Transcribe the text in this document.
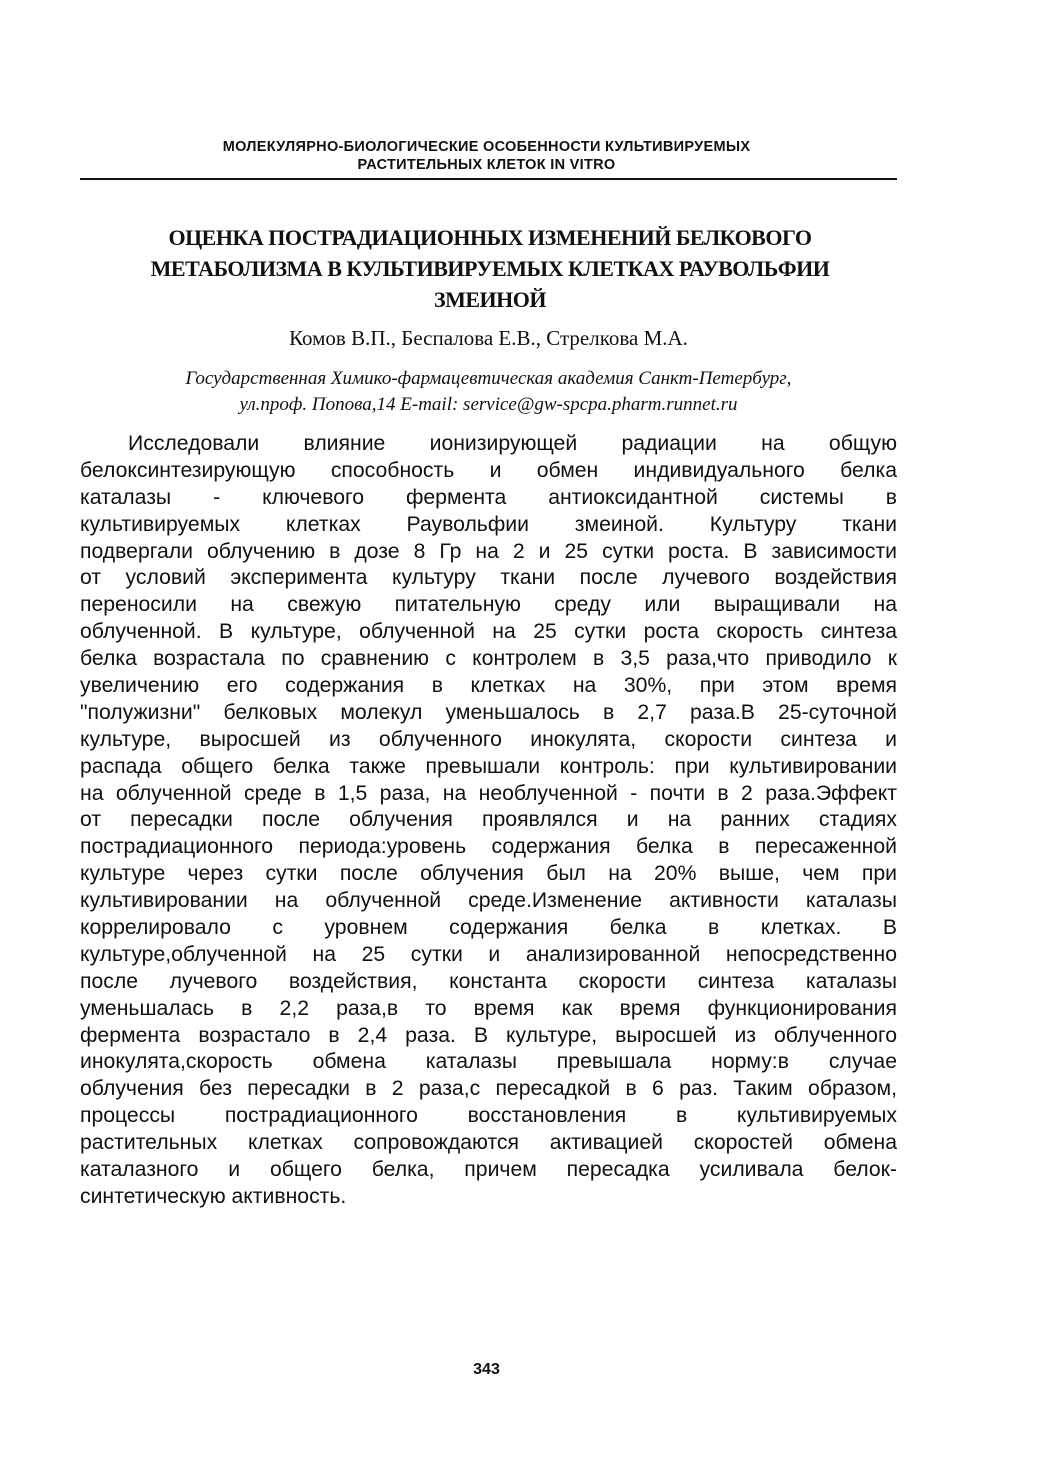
МОЛЕКУЛЯРНО-БИОЛОГИЧЕСКИЕ ОСОБЕННОСТИ КУЛЬТИВИРУЕМЫХ
РАСТИТЕЛЬНЫХ КЛЕТОК IN VITRO
ОЦЕНКА ПОСТРАДИАЦИОННЫХ ИЗМЕНЕНИЙ БЕЛКОВОГО
МЕТАБОЛИЗМА В КУЛЬТИВИРУЕМЫХ КЛЕТКАХ РАУВОЛЬФИИ
ЗМЕИНОЙ
Комов В.П., Беспалова Е.В., Стрелкова М.А.
Государственная Химико-фармацевтическая академия Санкт-Петербург,
ул.проф. Попова,14 E-mail: service@gw-spcpa.pharm.runnet.ru
Исследовали влияние ионизирующей радиации на общую
белоксинтезирующую способность и обмен индивидуального белка
каталазы - ключевого фермента антиоксидантной системы в
культивируемых клетках Раувольфии змеиной. Культуру ткани
подвергали облучению в дозе 8 Гр на 2 и 25 сутки роста. В зависимости
от условий эксперимента культуру ткани после лучевого воздействия
переносили на свежую питательную среду или выращивали на
облученной. В культуре, облученной на 25 сутки роста скорость синтеза
белка возрастала по сравнению с контролем в 3,5 раза,что приводило к
увеличению его содержания в клетках на 30%, при этом время
"полужизни" белковых молекул уменьшалось в 2,7 раза.В 25-суточной
культуре, выросшей из облученного инокулята, скорости синтеза и
распада общего белка также превышали контроль: при культивировании
на облученной среде в 1,5 раза, на необлученной - почти в 2 раза.Эффект
от пересадки после облучения проявлялся и на ранних стадиях
пострадиационного периода:уровень содержания белка в пересаженной
культуре через сутки после облучения был на 20% выше, чем при
культивировании на облученной среде.Изменение активности каталазы
коррелировало с уровнем содержания белка в клетках. В
культуре,облученной на 25 сутки и анализированной непосредственно
после лучевого воздействия, константа скорости синтеза каталазы
уменьшалась в 2,2 раза,в то время как время функционирования
фермента возрастало в 2,4 раза. В культуре, выросшей из облученного
инокулята,скорость обмена каталазы превышала норму:в случае
облучения без пересадки в 2 раза,с пересадкой в 6 раз. Таким образом,
процессы пострадиационного восстановления в культивируемых
растительных клетках сопровождаются активацией скоростей обмена
каталазного и общего белка, причем пересадка усиливала белок-
синтетическую активность.
343
